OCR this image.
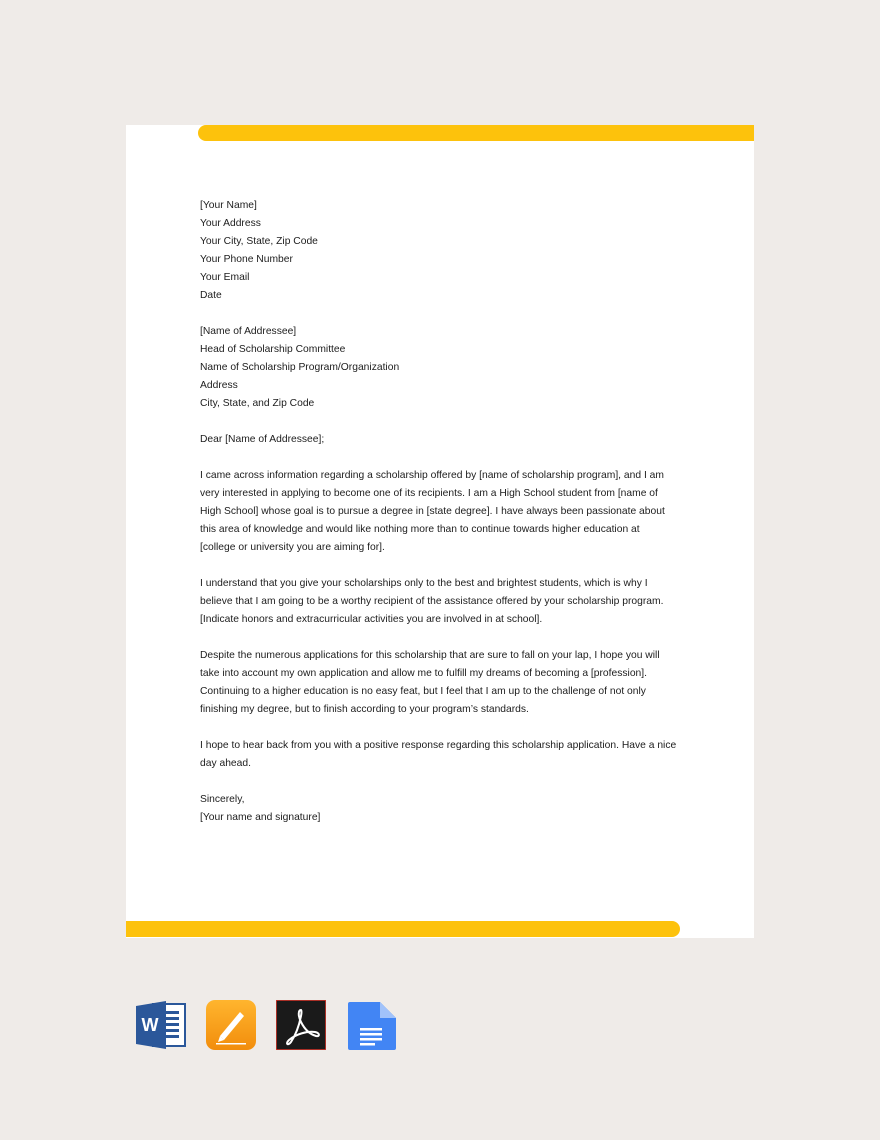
[Your Name]
Your Address
Your City, State, Zip Code
Your Phone Number
Your Email
Date
[Name of Addressee]
Head of Scholarship Committee
Name of Scholarship Program/Organization
Address
City, State, and Zip Code

Dear [Name of Addressee];

I came across information regarding a scholarship offered by [name of scholarship program], and I am
very interested in applying to become one of its recipients. I am a High School student from [name of
High School] whose goal is to pursue a degree in [state degree]. I have always been passionate about
this area of knowledge and would like nothing more than to continue towards higher education at
[college or university you are aiming for].

I understand that you give your scholarships only to the best and brightest students, which is why I
believe that I am going to be a worthy recipient of the assistance offered by your scholarship program.
[Indicate honors and extracurricular activities you are involved in at school].

Despite the numerous applications for this scholarship that are sure to fall on your lap, I hope you will
take into account my own application and allow me to fulfill my dreams of becoming a [profession].
Continuing to a higher education is no easy feat, but I feel that I am up to the challenge of not only
finishing my degree, but to finish according to your program’s standards.

I hope to hear back from you with a positive response regarding this scholarship application. Have a nice
day ahead.

Sincerely,
[Your name and signature]
W
